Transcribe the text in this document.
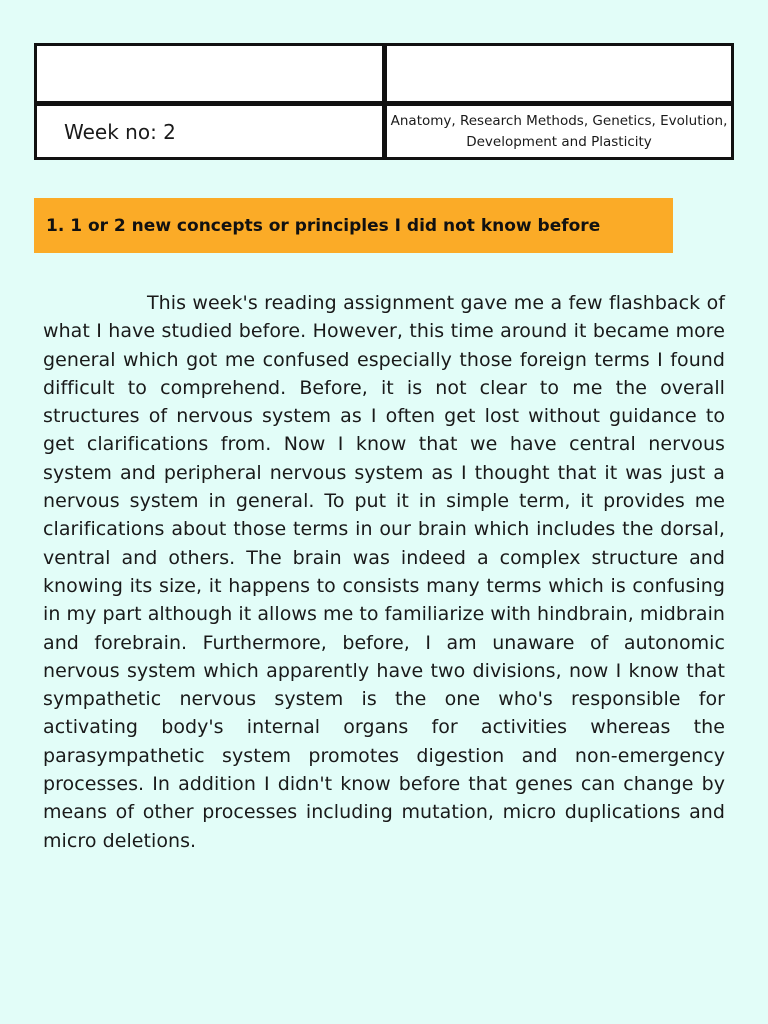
Week no: 2	Anatomy, Research Methods, Genetics, Evolution, Development and Plasticity
1. 1 or 2 new concepts or principles I did not know before

This week's reading assignment gave me a few flashback of what I have studied before. However, this time around it became more general which got me confused especially those foreign terms I found difficult to comprehend. Before, it is not clear to me the overall structures of nervous system as I often get lost without guidance to get clarifications from. Now I know that we have central nervous system and peripheral nervous system as I thought that it was just a nervous system in general. To put it in simple term, it provides me clarifications about those terms in our brain which includes the dorsal, ventral and others. The brain was indeed a complex structure and knowing its size, it happens to consists many terms which is confusing in my part although it allows me to familiarize with hindbrain, midbrain and forebrain. Furthermore, before, I am unaware of autonomic nervous system which apparently have two divisions, now I know that sympathetic nervous system is the one who's responsible for activating body's internal organs for activities whereas the parasympathetic system promotes digestion and non-emergency processes. In addition I didn't know before that genes can change by means of other processes including mutation, micro duplications and micro deletions.
